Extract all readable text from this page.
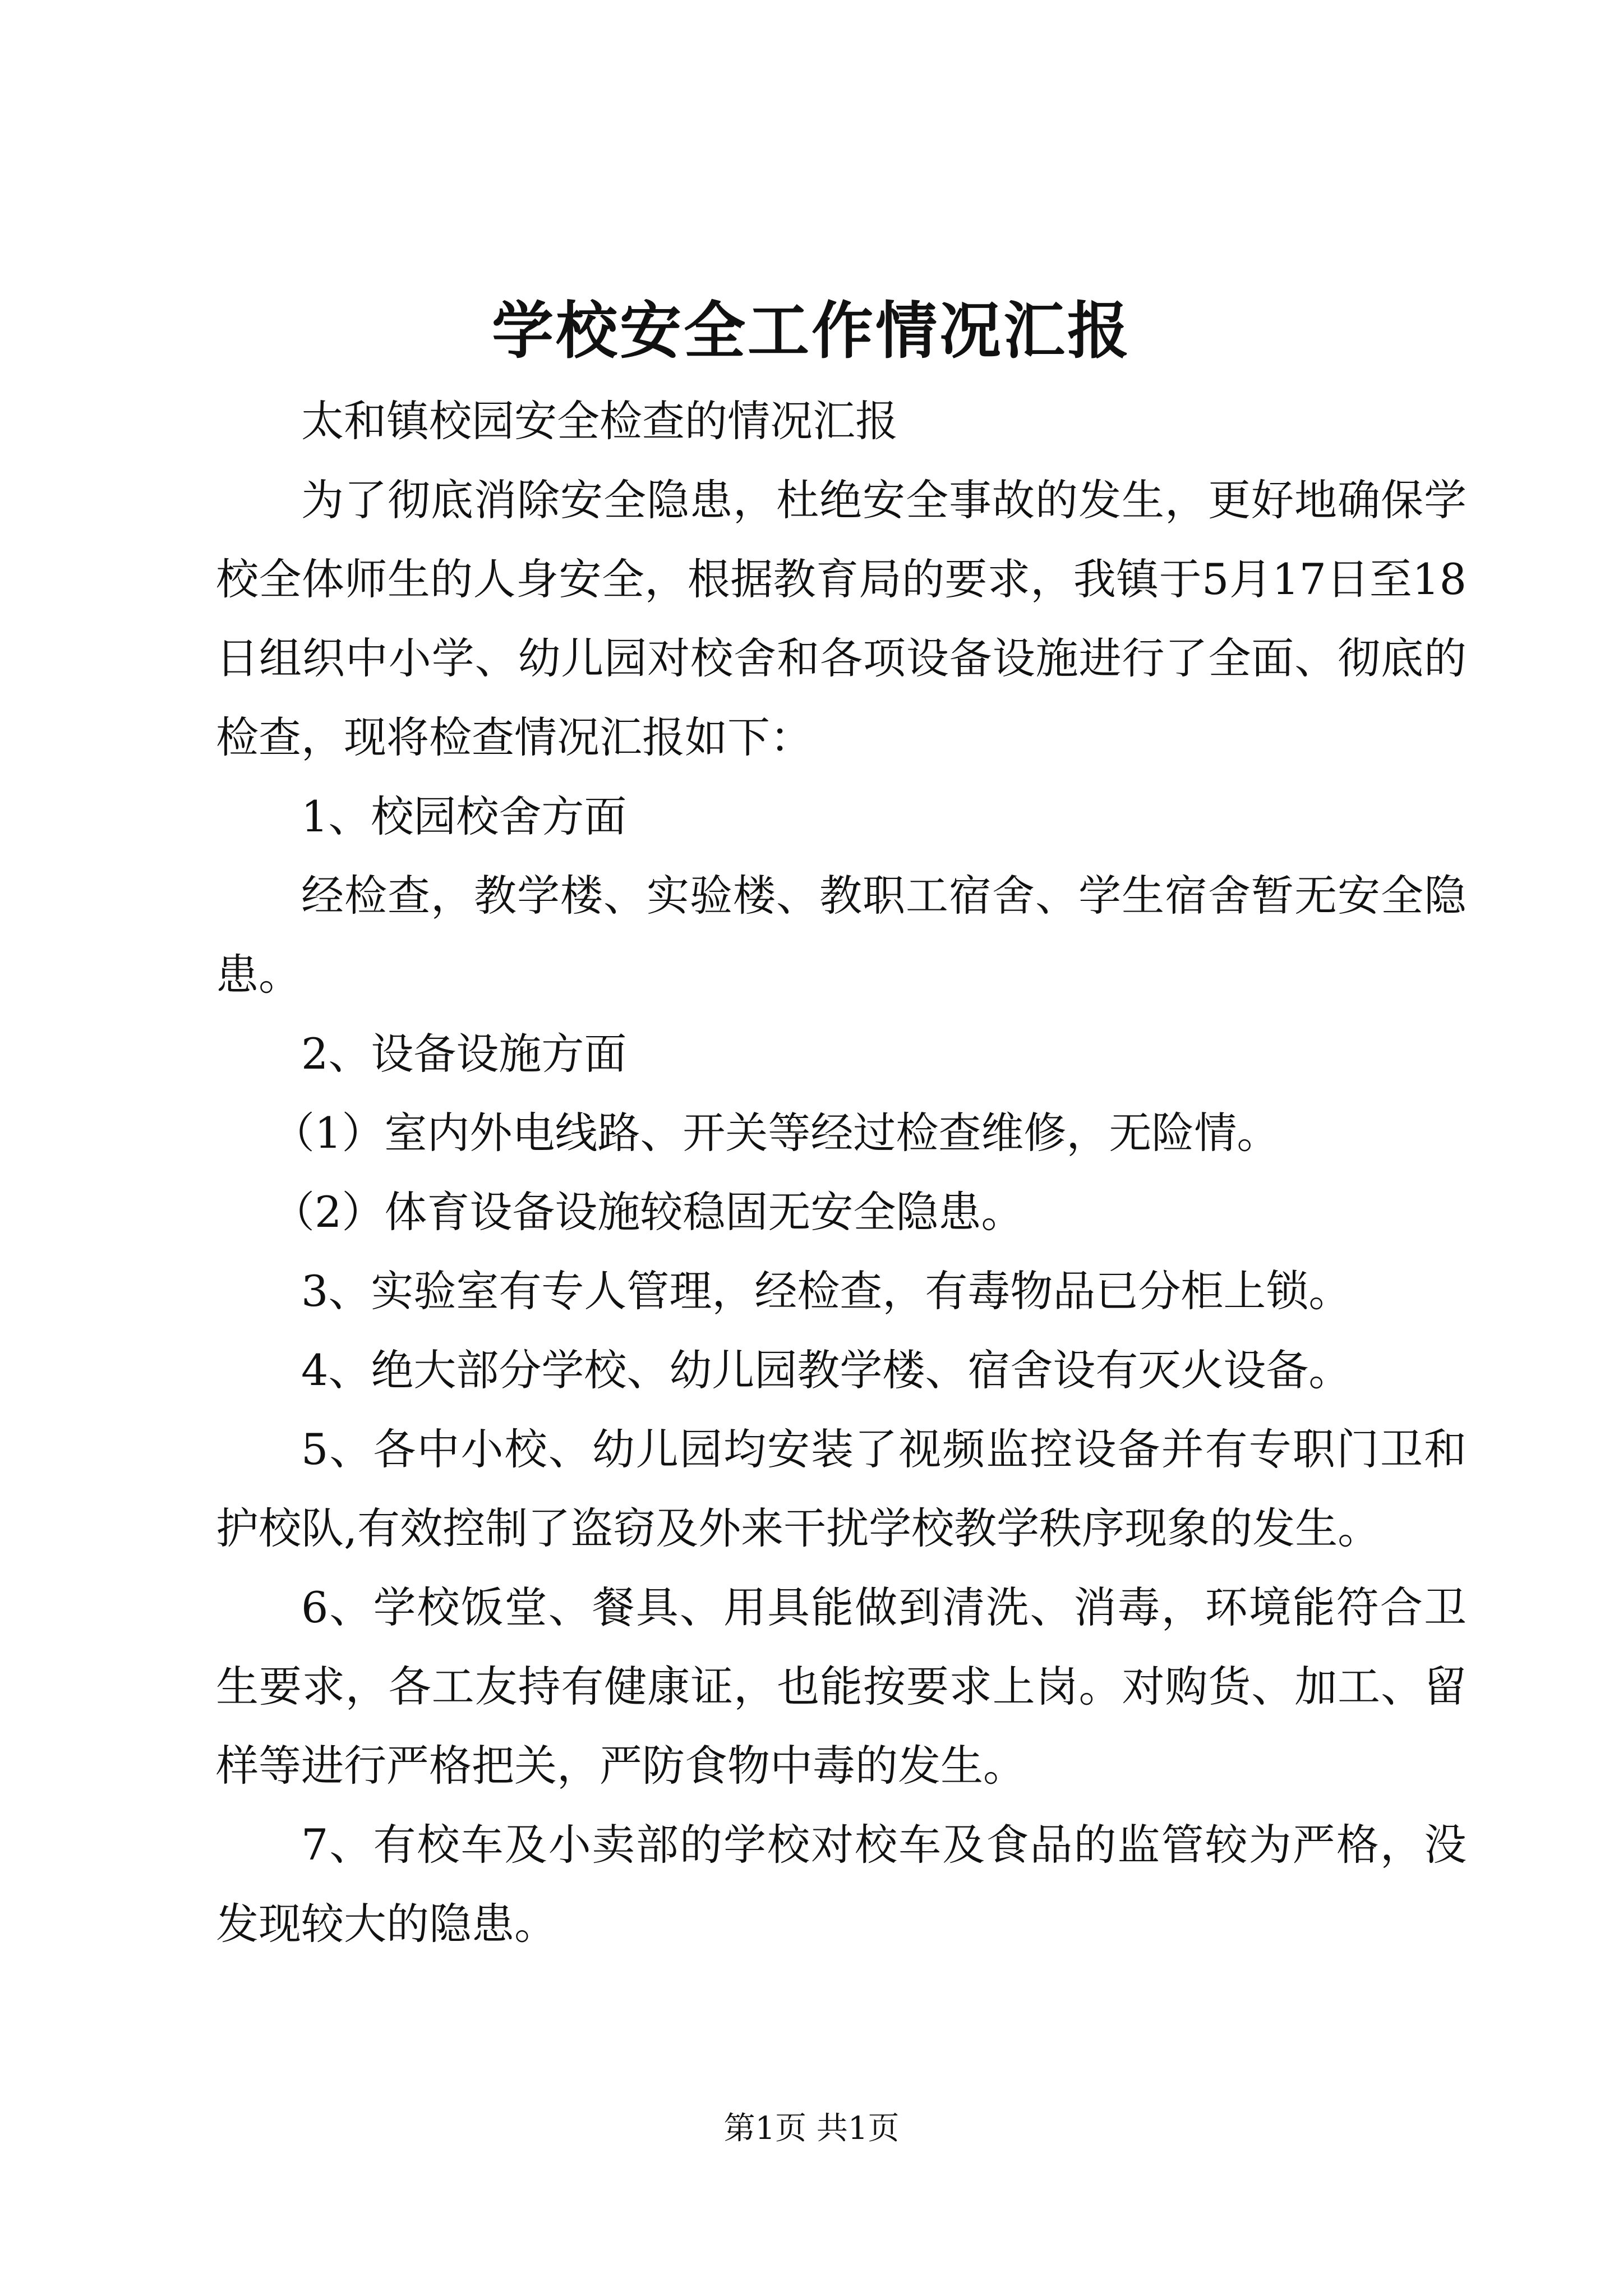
学校安全工作情况汇报

太和镇校园安全检查的情况汇报

为了彻底消除安全隐患，杜绝安全事故的发生，更好地确保学校全体师生的人身安全，根据教育局的要求，我镇于5月17日至18日组织中小学、幼儿园对校舍和各项设备设施进行了全面、彻底的检查，现将检查情况汇报如下：

1、校园校舍方面

经检查，教学楼、实验楼、教职工宿舍、学生宿舍暂无安全隐患。

2、设备设施方面

（1）室内外电线路、开关等经过检查维修，无险情。

（2）体育设备设施较稳固无安全隐患。

3、实验室有专人管理，经检查，有毒物品已分柜上锁。

4、绝大部分学校、幼儿园教学楼、宿舍设有灭火设备。

5、各中小校、幼儿园均安装了视频监控设备并有专职门卫和护校队,有效控制了盗窃及外来干扰学校教学秩序现象的发生。

6、学校饭堂、餐具、用具能做到清洗、消毒，环境能符合卫生要求，各工友持有健康证，也能按要求上岗。对购货、加工、留样等进行严格把关，严防食物中毒的发生。

7、有校车及小卖部的学校对校车及食品的监管较为严格，没发现较大的隐患。

第1页 共1页
